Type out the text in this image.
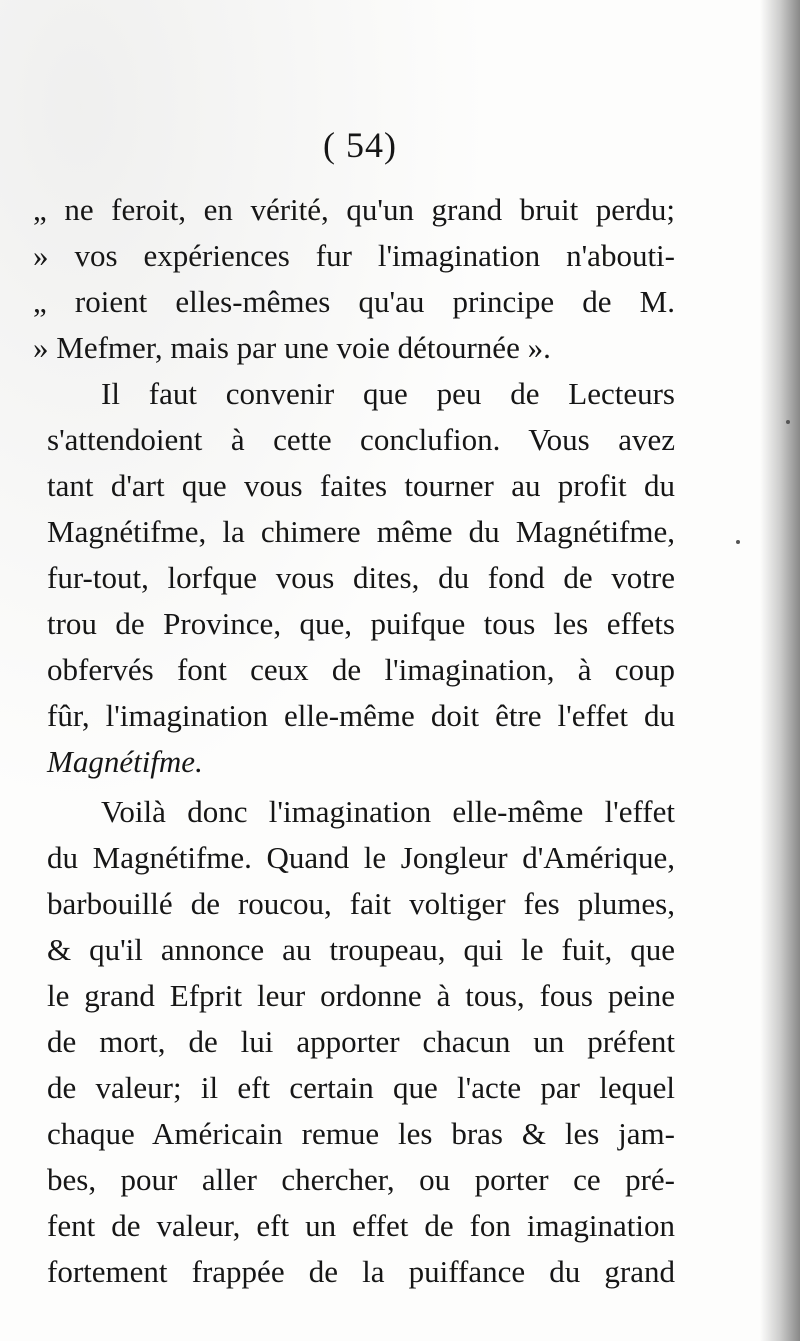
( 54)
„ ne feroit, en vérité, qu'un grand bruit perdu;
» vos expériences fur l'imagination n'abouti-
„ roient elles-mêmes qu'au principe de M.
» Mefmer, mais par une voie détournée ».
Il faut convenir que peu de Lecteurs
s'attendoient à cette conclufion. Vous avez
tant d'art que vous faites tourner au profit du
Magnétifme, la chimere même du Magnétifme,
fur-tout, lorfque vous dites, du fond de votre
trou de Province, que, puifque tous les effets
obfervés font ceux de l'imagination, à coup
fûr, l'imagination elle-même doit être l'effet du
Magnétifme.
Voilà donc l'imagination elle-même l'effet
du Magnétifme. Quand le Jongleur d'Amérique,
barbouillé de roucou, fait voltiger fes plumes,
& qu'il annonce au troupeau, qui le fuit, que
le grand Efprit leur ordonne à tous, fous peine
de mort, de lui apporter chacun un préfent
de valeur; il eft certain que l'acte par lequel
chaque Américain remue les bras & les jam-
bes, pour aller chercher, ou porter ce pré-
fent de valeur, eft un effet de fon imagination
fortement frappée de la puiffance du grand
